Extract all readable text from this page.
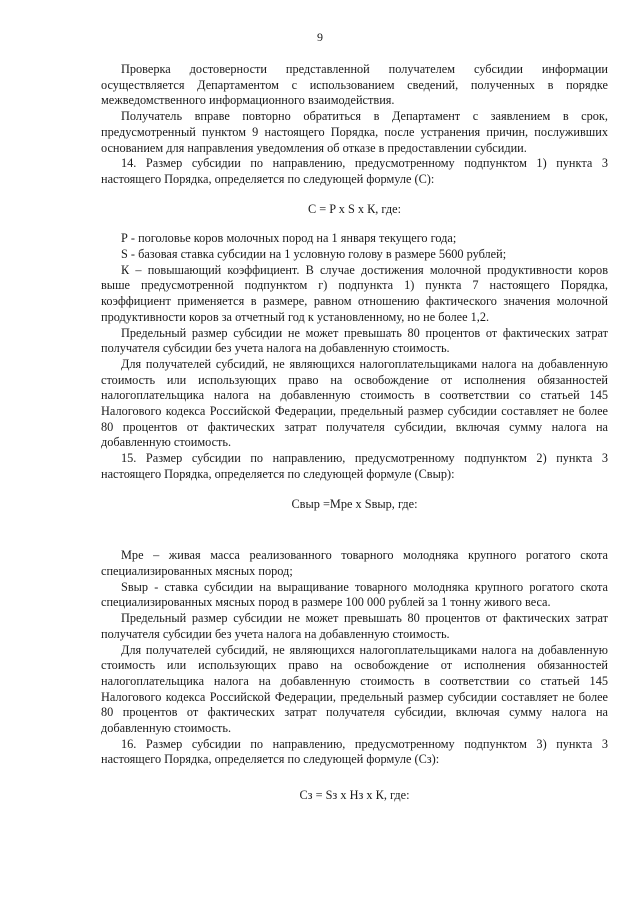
9

Проверка достоверности представленной получателем субсидии информации осуществляется Департаментом с использованием сведений, полученных в порядке межведомственного информационного взаимодействия.

Получатель вправе повторно обратиться в Департамент с заявлением в срок, предусмотренный пунктом 9 настоящего Порядка, после устранения причин, послуживших основанием для направления уведомления об отказе в предоставлении субсидии.

14. Размер субсидии по направлению, предусмотренному подпунктом 1) пункта 3 настоящего Порядка, определяется по следующей формуле (С):

С = P x S x К, где:

Р - поголовье коров молочных пород на 1 января текущего года;

S - базовая ставка субсидии на 1 условную голову в размере 5600 рублей;

К – повышающий коэффициент. В случае достижения молочной продуктивности коров выше предусмотренной подпунктом г) подпункта 1) пункта 7 настоящего Порядка, коэффициент применяется в размере, равном отношению фактического значения молочной продуктивности коров за отчетный год к установленному, но не более 1,2.

Предельный размер субсидии не может превышать 80 процентов от фактических затрат получателя субсидии без учета налога на добавленную стоимость.

Для получателей субсидий, не являющихся налогоплательщиками налога на добавленную стоимость или использующих право на освобождение от исполнения обязанностей налогоплательщика налога на добавленную стоимость в соответствии со статьей 145 Налогового кодекса Российской Федерации, предельный размер субсидии составляет не более 80 процентов от фактических затрат получателя субсидии, включая сумму налога на добавленную стоимость.

15. Размер субсидии по направлению, предусмотренному подпунктом 2) пункта 3 настоящего Порядка, определяется по следующей формуле (Свыр):

Свыр =Мре x Sвыр, где:

Мре – живая масса реализованного товарного молодняка крупного рогатого скота специализированных мясных пород;

Sвыр - ставка субсидии на выращивание товарного молодняка крупного рогатого скота специализированных мясных пород в размере 100 000 рублей за 1 тонну живого веса.

Предельный размер субсидии не может превышать 80 процентов от фактических затрат получателя субсидии без учета налога на добавленную стоимость.

Для получателей субсидий, не являющихся налогоплательщиками налога на добавленную стоимость или использующих право на освобождение от исполнения обязанностей налогоплательщика налога на добавленную стоимость в соответствии со статьей 145 Налогового кодекса Российской Федерации, предельный размер субсидии составляет не более 80 процентов от фактических затрат получателя субсидии, включая сумму налога на добавленную стоимость.

16. Размер субсидии по направлению, предусмотренному подпунктом 3) пункта 3 настоящего Порядка, определяется по следующей формуле (Сз):

Сз = Sз x Нз x К, где:
